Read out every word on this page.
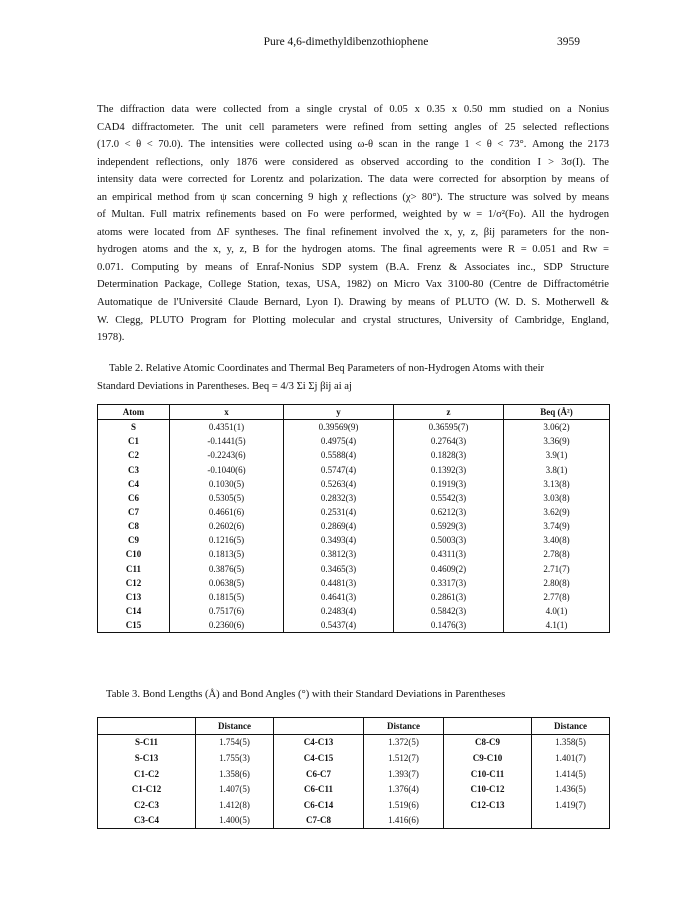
Pure 4,6-dimethyldibenzothiophene	3959

The diffraction data were collected from a single crystal of 0.05 x 0.35 x 0.50 mm studied on a Nonius
CAD4 diffractometer. The unit cell parameters were refined from setting angles of 25 selected reflections
(17.0 < θ < 70.0). The intensities were collected using ω-θ scan in the range 1 < θ < 73°. Among the 2173
independent reflections, only 1876 were considered as observed according to the condition I > 3σ(I). The
intensity data were corrected for Lorentz and polarization. The data were corrected for absorption by means of
an empirical method from ψ scan concerning 9 high χ reflections (χ> 80°). The structure was solved by means
of Multan. Full matrix refinements based on Fo were performed, weighted by w = 1/σ²(Fo). All the hydrogen
atoms were located from ΔF syntheses. The final refinement involved the x, y, z, βij parameters for the non-
hydrogen atoms and the x, y, z, B for the hydrogen atoms. The final agreements were R = 0.051 and Rw =
0.071. Computing by means of Enraf-Nonius SDP system (B.A. Frenz & Associates inc., SDP Structure
Determination Package, College Station, texas, USA, 1982) on Micro Vax 3100-80 (Centre de Diffractométrie
Automatique de l'Université Claude Bernard, Lyon I). Drawing by means of PLUTO (W. D. S. Motherwell &
W. Clegg, PLUTO Program for Plotting molecular and crystal structures, University of Cambridge, England,
1978).

Table 2. Relative Atomic Coordinates and Thermal Beq Parameters of non-Hydrogen Atoms with their
Standard Deviations in Parentheses. Beq = 4/3 Σi Σj βij ai aj

Atom	x	y	z	Beq (Å²)
S	0.4351(1)	0.39569(9)	0.36595(7)	3.06(2)
C1	-0.1441(5)	0.4975(4)	0.2764(3)	3.36(9)
C2	-0.2243(6)	0.5588(4)	0.1828(3)	3.9(1)
C3	-0.1040(6)	0.5747(4)	0.1392(3)	3.8(1)
C4	0.1030(5)	0.5263(4)	0.1919(3)	3.13(8)
C6	0.5305(5)	0.2832(3)	0.5542(3)	3.03(8)
C7	0.4661(6)	0.2531(4)	0.6212(3)	3.62(9)
C8	0.2602(6)	0.2869(4)	0.5929(3)	3.74(9)
C9	0.1216(5)	0.3493(4)	0.5003(3)	3.40(8)
C10	0.1813(5)	0.3812(3)	0.4311(3)	2.78(8)
C11	0.3876(5)	0.3465(3)	0.4609(2)	2.71(7)
C12	0.0638(5)	0.4481(3)	0.3317(3)	2.80(8)
C13	0.1815(5)	0.4641(3)	0.2861(3)	2.77(8)
C14	0.7517(6)	0.2483(4)	0.5842(3)	4.0(1)
C15	0.2360(6)	0.5437(4)	0.1476(3)	4.1(1)

Table 3. Bond Lengths (Å) and Bond Angles (°) with their Standard Deviations in Parentheses

	Distance		Distance		Distance
S-C11	1.754(5)	C4-C13	1.372(5)	C8-C9	1.358(5)
S-C13	1.755(3)	C4-C15	1.512(7)	C9-C10	1.401(7)
C1-C2	1.358(6)	C6-C7	1.393(7)	C10-C11	1.414(5)
C1-C12	1.407(5)	C6-C11	1.376(4)	C10-C12	1.436(5)
C2-C3	1.412(8)	C6-C14	1.519(6)	C12-C13	1.419(7)
C3-C4	1.400(5)	C7-C8	1.416(6)		
